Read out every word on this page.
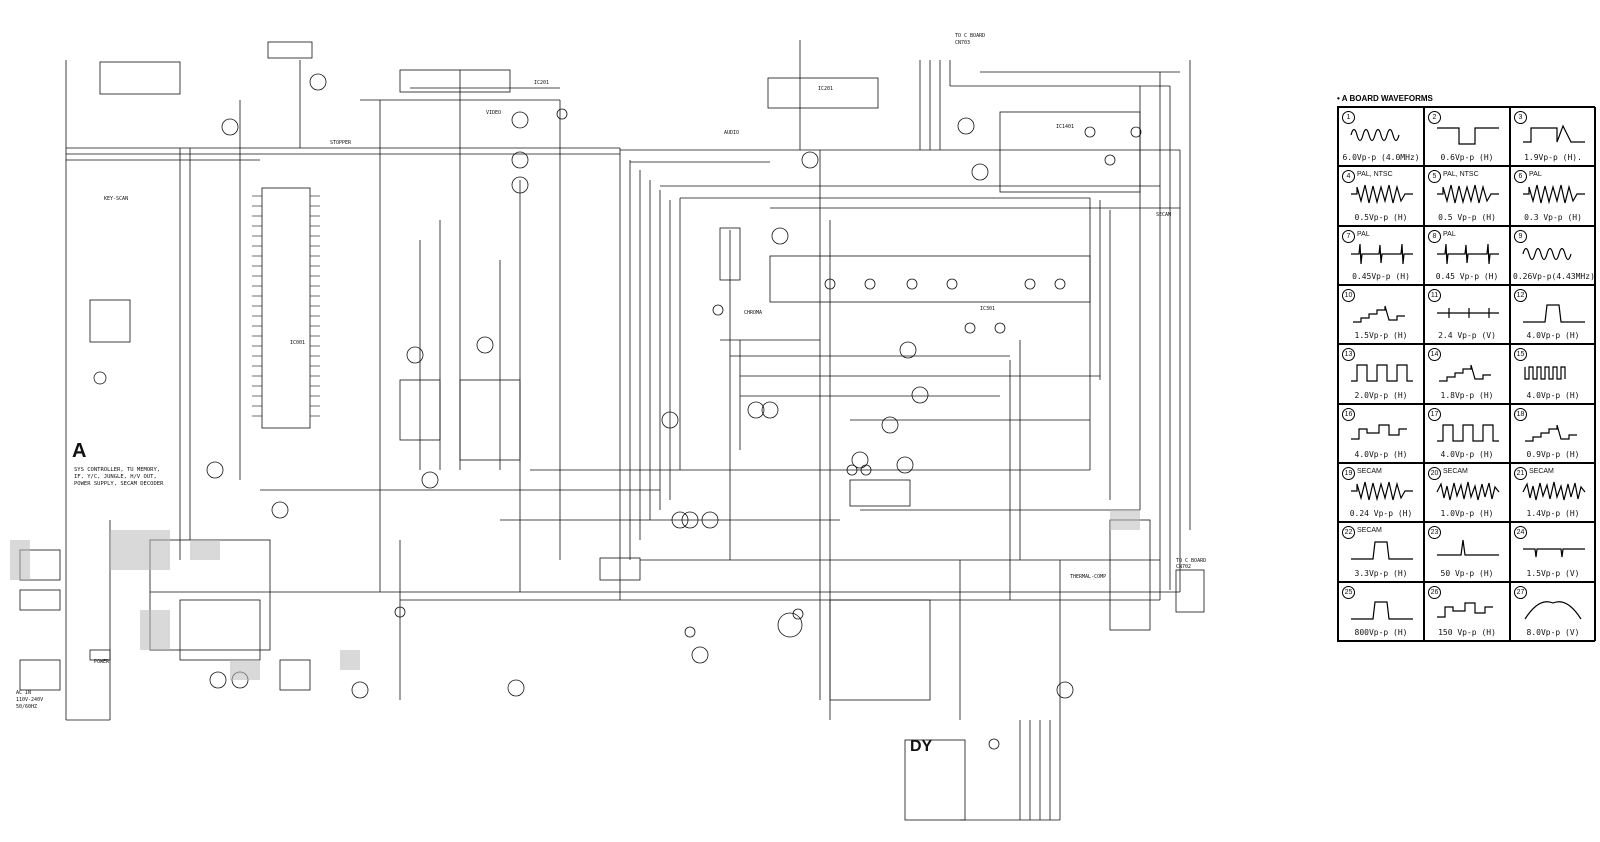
A
SYS CONTROLLER, TU MEMORY,
IF, Y/C, JUNGLE, H/V OUT,
POWER SUPPLY, SECAM DECODER
TO C BOARD
CN703
TO C BOARD
CN702
DY
POWER
AC IN
110V-240V
50/60HZ
IC001
IC301
IC1401
IC201
IC201
VIDEO
CHROMA
SECAM
AUDIO
STOPPER
KEY-SCAN
THERMAL-COMP
• A BOARD WAVEFORMS
1
6.0Vp-p (4.0MHz)
2
0.6Vp-p (H)
3
1.9Vp-p (H).
4 PAL, NTSC
0.5Vp-p (H)
5 PAL, NTSC
0.5 Vp-p (H)
6 PAL
0.3 Vp-p (H)
7 PAL
0.45Vp-p (H)
8 PAL
0.45 Vp-p (H)
9
0.26Vp-p(4.43MHz)
10
1.5Vp-p (H)
11
2.4 Vp-p (V)
12
4.0Vp-p (H)
13
2.0Vp-p (H)
14
1.8Vp-p (H)
15
4.0Vp-p (H)
16
4.0Vp-p (H)
17
4.0Vp-p (H)
18
0.9Vp-p (H)
19 SECAM
0.24 Vp-p (H)
20 SECAM
1.0Vp-p (H)
21 SECAM
1.4Vp-p (H)
22 SECAM
3.3Vp-p (H)
23
50 Vp-p (H)
24
1.5Vp-p (V)
25
800Vp-p (H)
26
150 Vp-p (H)
27
8.0Vp-p (V)
